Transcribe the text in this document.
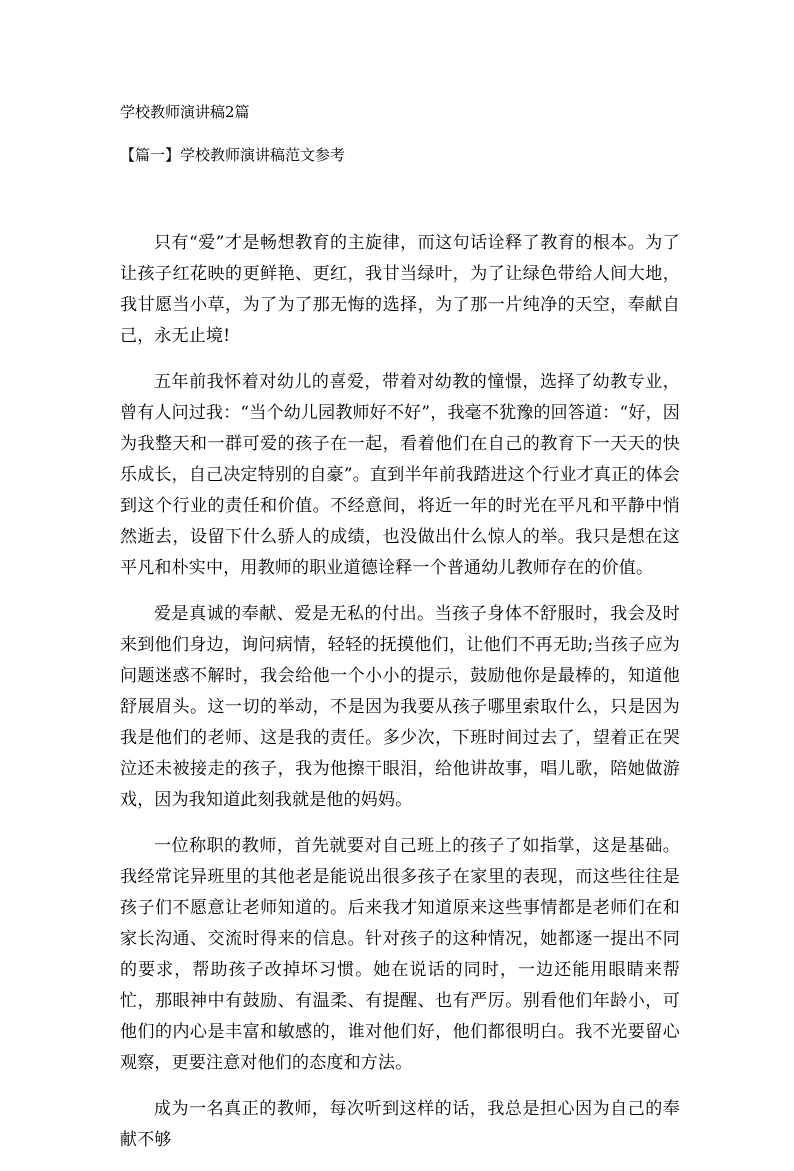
学校教师演讲稿2篇
【篇一】学校教师演讲稿范文参考

只有“爱”才是畅想教育的主旋律，而这句话诠释了教育的根本。为了让孩子红花映的更鲜艳、更红，我甘当绿叶，为了让绿色带给人间大地，我甘愿当小草，为了为了那无悔的选择，为了那一片纯净的天空，奉献自己，永无止境!

五年前我怀着对幼儿的喜爱，带着对幼教的憧憬，选择了幼教专业，曾有人问过我：“当个幼儿园教师好不好”，我毫不犹豫的回答道：“好，因为我整天和一群可爱的孩子在一起，看着他们在自己的教育下一天天的快乐成长，自己决定特别的自豪”。直到半年前我踏进这个行业才真正的体会到这个行业的责任和价值。不经意间，将近一年的时光在平凡和平静中悄然逝去，设留下什么骄人的成绩，也没做出什么惊人的举。我只是想在这平凡和朴实中，用教师的职业道德诠释一个普通幼儿教师存在的价值。

爱是真诚的奉献、爱是无私的付出。当孩子身体不舒服时，我会及时来到他们身边，询问病情，轻轻的抚摸他们，让他们不再无助;当孩子应为问题迷惑不解时，我会给他一个小小的提示，鼓励他你是最棒的，知道他舒展眉头。这一切的举动，不是因为我要从孩子哪里索取什么，只是因为我是他们的老师、这是我的责任。多少次，下班时间过去了，望着正在哭泣还未被接走的孩子，我为他擦干眼泪，给他讲故事，唱儿歌，陪她做游戏，因为我知道此刻我就是他的妈妈。

一位称职的教师，首先就要对自己班上的孩子了如指掌，这是基础。我经常诧异班里的其他老是能说出很多孩子在家里的表现，而这些往往是孩子们不愿意让老师知道的。后来我才知道原来这些事情都是老师们在和家长沟通、交流时得来的信息。针对孩子的这种情况，她都逐一提出不同的要求，帮助孩子改掉坏习惯。她在说话的同时，一边还能用眼睛来帮忙，那眼神中有鼓励、有温柔、有提醒、也有严厉。别看他们年龄小，可他们的内心是丰富和敏感的，谁对他们好，他们都很明白。我不光要留心观察，更要注意对他们的态度和方法。

成为一名真正的教师，每次听到这样的话，我总是担心因为自己的奉献不够
